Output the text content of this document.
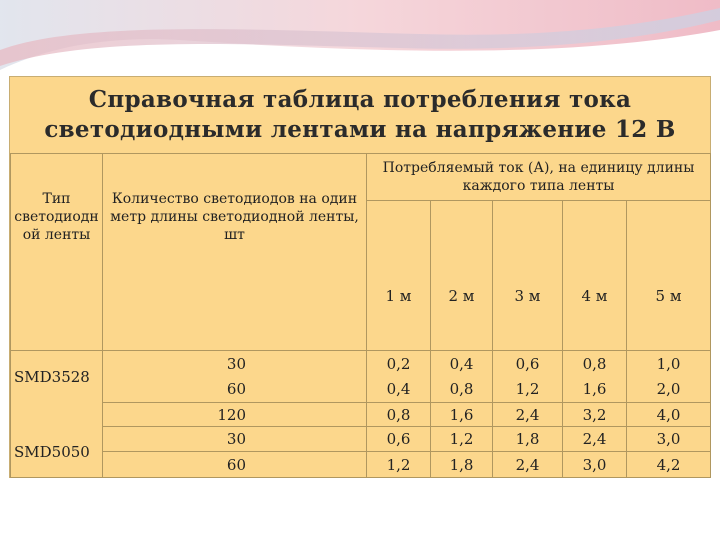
Справочная таблица потребления тока
светодиодными лентами на напряжение 12 В
Тип светодиодн ой ленты	Количество светодиодов на один метр длины светодиодной ленты, шт	Потребляемый ток (А), на единицу длины каждого типа ленты				
		1 м	2 м	3 м	4 м	5 м
SMD3528	30	0,2	0,4	0,6	0,8	1,0
	60	0,4	0,8	1,2	1,6	2,0
	120	0,8	1,6	2,4	3,2	4,0
SMD5050	30	0,6	1,2	1,8	2,4	3,0
	60	1,2	1,8	2,4	3,0	4,2
